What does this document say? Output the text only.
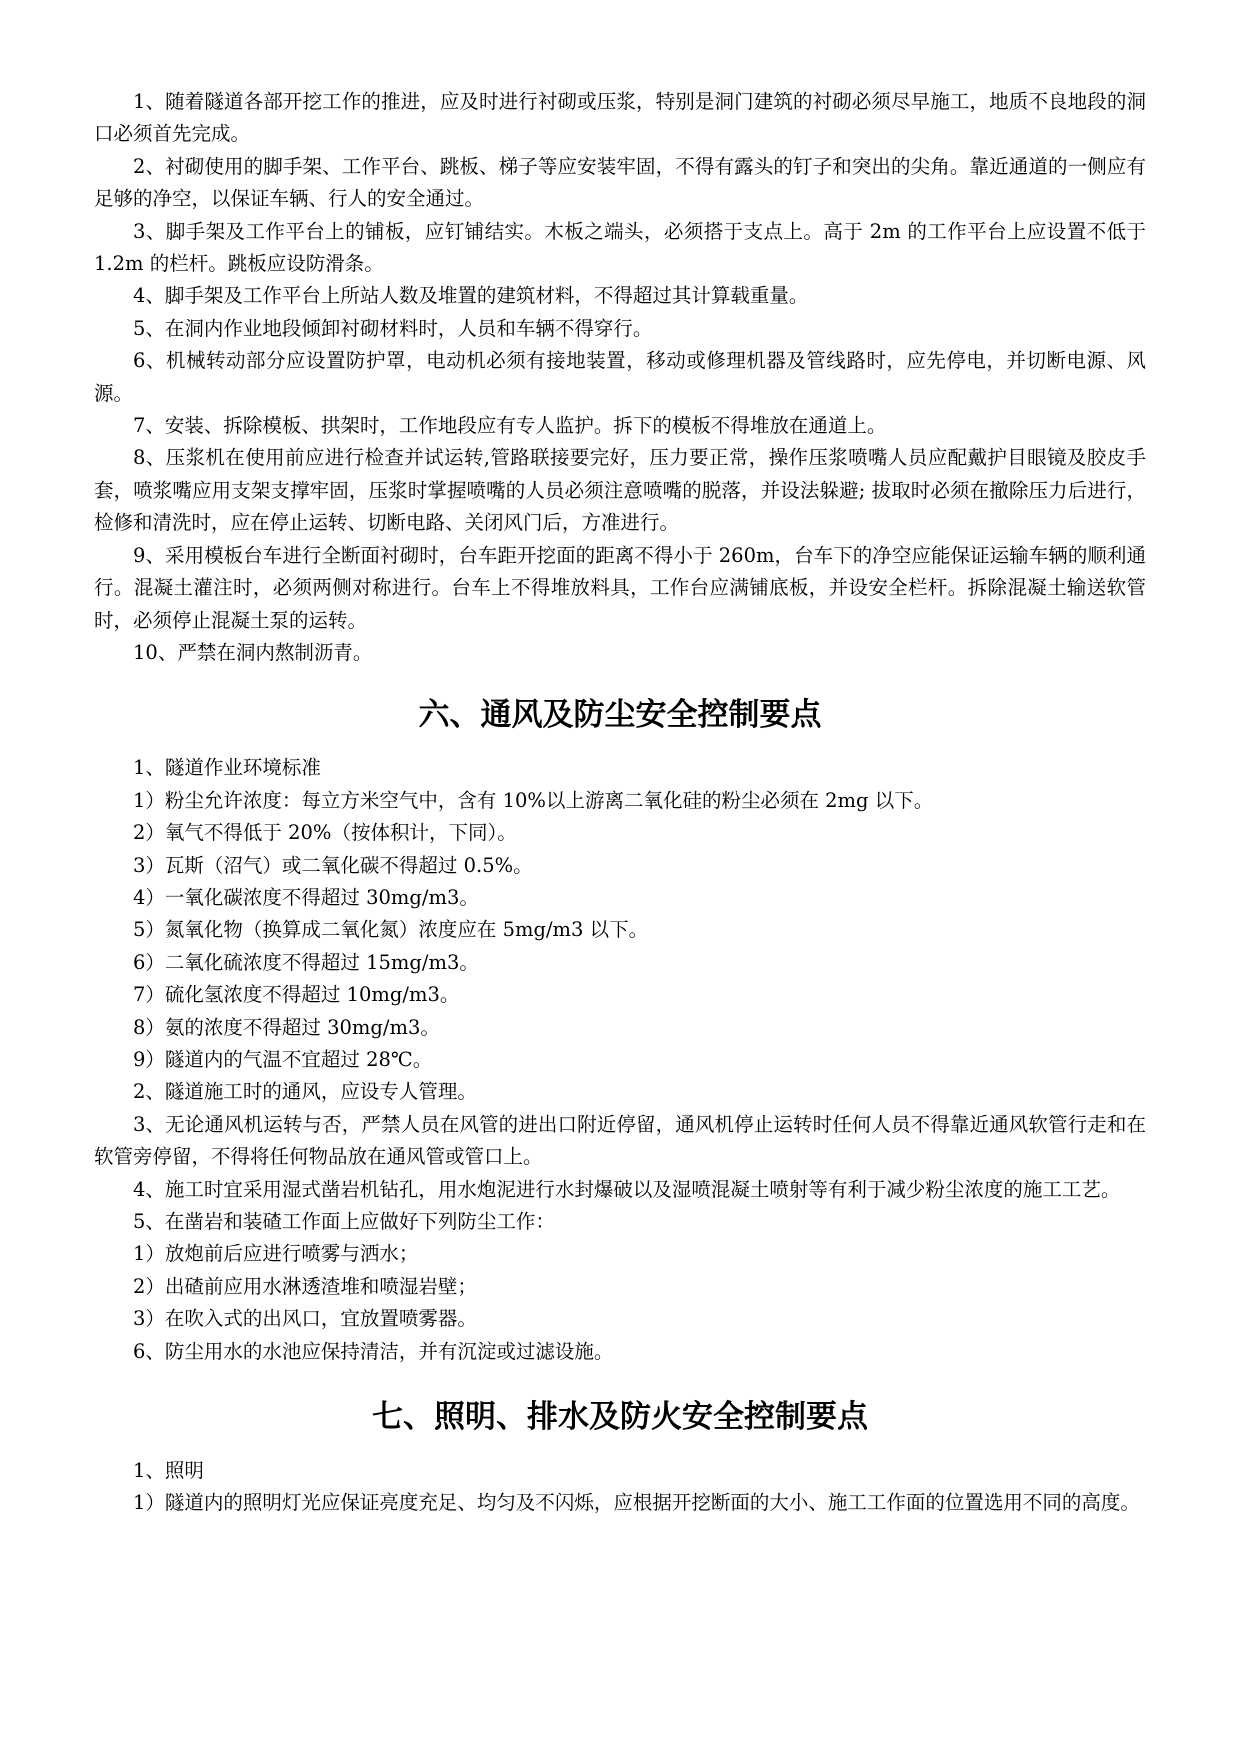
1、随着隧道各部开挖工作的推进，应及时进行衬砌或压浆，特别是洞门建筑的衬砌必须尽早施工，地质不良地段的洞口必须首先完成。

2、衬砌使用的脚手架、工作平台、跳板、梯子等应安装牢固，不得有露头的钉子和突出的尖角。靠近通道的一侧应有足够的净空，以保证车辆、行人的安全通过。

3、脚手架及工作平台上的铺板，应钉铺结实。木板之端头，必须搭于支点上。高于 2m 的工作平台上应设置不低于 1.2m 的栏杆。跳板应设防滑条。

4、脚手架及工作平台上所站人数及堆置的建筑材料，不得超过其计算载重量。

5、在洞内作业地段倾卸衬砌材料时，人员和车辆不得穿行。

6、机械转动部分应设置防护罩，电动机必须有接地装置，移动或修理机器及管线路时，应先停电，并切断电源、风源。

7、安装、拆除模板、拱架时，工作地段应有专人监护。拆下的模板不得堆放在通道上。

8、压浆机在使用前应进行检查并试运转,管路联接要完好，压力要正常，操作压浆喷嘴人员应配戴护目眼镜及胶皮手套，喷浆嘴应用支架支撑牢固，压浆时掌握喷嘴的人员必须注意喷嘴的脱落，并设法躲避; 拔取时必须在撤除压力后进行，检修和清洗时，应在停止运转、切断电路、关闭风门后，方准进行。

9、采用模板台车进行全断面衬砌时，台车距开挖面的距离不得小于 260m，台车下的净空应能保证运输车辆的顺利通行。混凝土灌注时，必须两侧对称进行。台车上不得堆放料具，工作台应满铺底板，并设安全栏杆。拆除混凝土输送软管时，必须停止混凝土泵的运转。

10、严禁在洞内熬制沥青。

六、通风及防尘安全控制要点

1、隧道作业环境标准

1）粉尘允许浓度：每立方米空气中，含有 10%以上游离二氧化硅的粉尘必须在 2mg 以下。

2）氧气不得低于 20%（按体积计，下同）。

3）瓦斯（沼气）或二氧化碳不得超过 0.5%。

4）一氧化碳浓度不得超过 30mg/m3。

5）氮氧化物（换算成二氧化氮）浓度应在 5mg/m3 以下。

6）二氧化硫浓度不得超过 15mg/m3。

7）硫化氢浓度不得超过 10mg/m3。

8）氨的浓度不得超过 30mg/m3。

9）隧道内的气温不宜超过 28℃。

2、隧道施工时的通风，应设专人管理。

3、无论通风机运转与否，严禁人员在风管的进出口附近停留，通风机停止运转时任何人员不得靠近通风软管行走和在软管旁停留，不得将任何物品放在通风管或管口上。

4、施工时宜采用湿式凿岩机钻孔，用水炮泥进行水封爆破以及湿喷混凝土喷射等有利于减少粉尘浓度的施工工艺。

5、在凿岩和装碴工作面上应做好下列防尘工作：

1）放炮前后应进行喷雾与洒水；

2）出碴前应用水淋透渣堆和喷湿岩壁；

3）在吹入式的出风口，宜放置喷雾器。

6、防尘用水的水池应保持清洁，并有沉淀或过滤设施。

七、照明、排水及防火安全控制要点

1、照明

1）隧道内的照明灯光应保证亮度充足、均匀及不闪烁，应根据开挖断面的大小、施工工作面的位置选用不同的高度。
